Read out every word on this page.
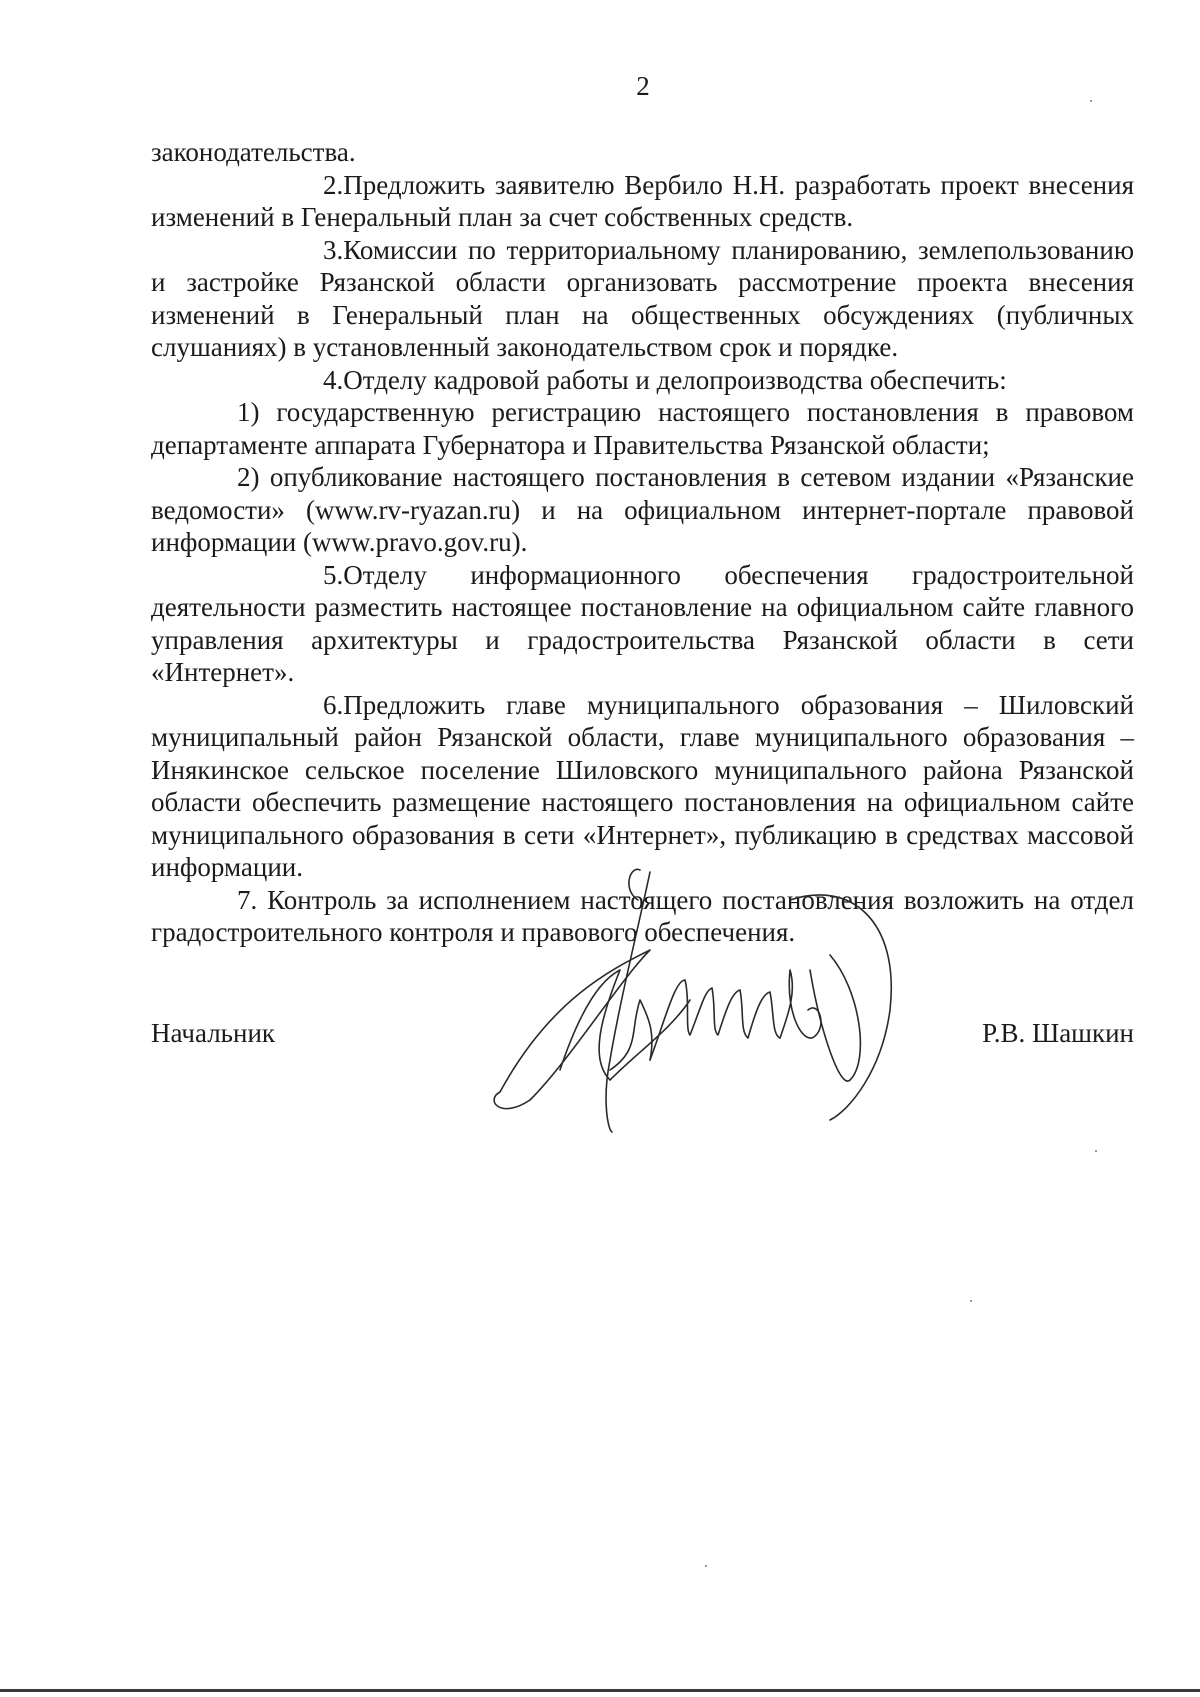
2

законодательства.

2.Предложить заявителю Вербило Н.Н. разработать проект внесения изменений в Генеральный план за счет собственных средств.

3.Комиссии по территориальному планированию, землепользованию и застройке Рязанской области организовать рассмотрение проекта внесения изменений в Генеральный план на общественных обсуждениях (публичных слушаниях) в установленный законодательством срок и порядке.

4.Отделу кадровой работы и делопроизводства обеспечить:

1) государственную регистрацию настоящего постановления в правовом департаменте аппарата Губернатора и Правительства Рязанской области;

2) опубликование настоящего постановления в сетевом издании «Рязанские ведомости» (www.rv-ryazan.ru) и на официальном интернет-портале правовой информации (www.pravo.gov.ru).

5.Отделу информационного обеспечения градостроительной деятельности разместить настоящее постановление на официальном сайте главного управления архитектуры и градостроительства Рязанской области в сети «Интернет».

6.Предложить главе муниципального образования – Шиловский муниципальный район Рязанской области, главе муниципального образования – Инякинское сельское поселение Шиловского муниципального района Рязанской области обеспечить размещение настоящего постановления на официальном сайте муниципального образования в сети «Интернет», публикацию в средствах массовой информации.

7. Контроль за исполнением настоящего постановления возложить на отдел градостроительного контроля и правового обеспечения.

Начальник	Р.В. Шашкин
